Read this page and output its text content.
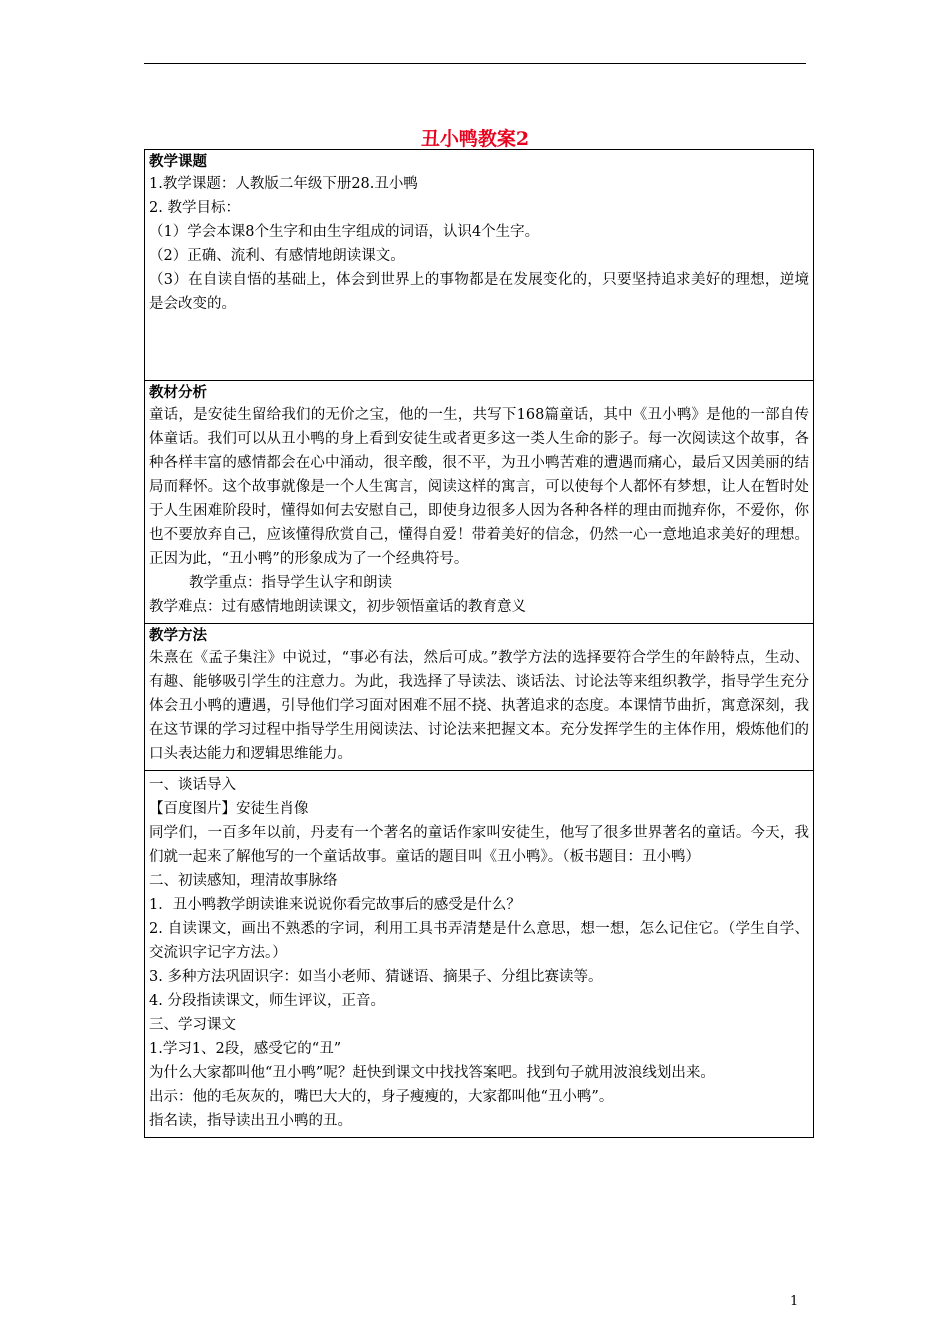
丑小鸭教案2
教学课题

1.教学课题：人教版二年级下册28.丑小鸭

2. 教学目标：

（1）学会本课8个生字和由生字组成的词语，认识4个生字。

（2）正确、流利、有感情地朗读课文。

（3）在自读自悟的基础上，体会到世界上的事物都是在发展变化的，只要坚持追求美好的理想，逆境是会改变的。

教材分析

童话，是安徒生留给我们的无价之宝，他的一生，共写下168篇童话，其中《丑小鸭》是他的一部自传体童话。我们可以从丑小鸭的身上看到安徒生或者更多这一类人生命的影子。每一次阅读这个故事，各种各样丰富的感情都会在心中涌动，很辛酸，很不平，为丑小鸭苦难的遭遇而痛心，最后又因美丽的结局而释怀。这个故事就像是一个人生寓言，阅读这样的寓言，可以使每个人都怀有梦想，让人在暂时处于人生困难阶段时，懂得如何去安慰自己，即使身边很多人因为各种各样的理由而抛弃你，不爱你，你也不要放弃自己，应该懂得欣赏自己，懂得自爱！带着美好的信念，仍然一心一意地追求美好的理想。正因为此，“丑小鸭”的形象成为了一个经典符号。

教学重点：指导学生认字和朗读

教学难点：过有感情地朗读课文，初步领悟童话的教育意义

教学方法

朱熹在《孟子集注》中说过，“事必有法，然后可成。”教学方法的选择要符合学生的年龄特点，生动、有趣、能够吸引学生的注意力。为此，我选择了导读法、谈话法、讨论法等来组织教学，指导学生充分体会丑小鸭的遭遇，引导他们学习面对困难不屈不挠、执著追求的态度。本课情节曲折，寓意深刻，我在这节课的学习过程中指导学生用阅读法、讨论法来把握文本。充分发挥学生的主体作用，煅炼他们的口头表达能力和逻辑思维能力。

一、谈话导入

【百度图片】安徒生肖像

同学们，一百多年以前，丹麦有一个著名的童话作家叫安徒生，他写了很多世界著名的童话。今天，我们就一起来了解他写的一个童话故事。童话的题目叫《丑小鸭》。（板书题目：丑小鸭）

二、初读感知，理清故事脉络

1．丑小鸭教学朗读谁来说说你看完故事后的感受是什么？

2. 自读课文，画出不熟悉的字词，利用工具书弄清楚是什么意思，想一想，怎么记住它。（学生自学、交流识字记字方法。）

3. 多种方法巩固识字：如当小老师、猜谜语、摘果子、分组比赛读等。

4. 分段指读课文，师生评议，正音。

三、学习课文

1.学习1、2段，感受它的“丑”

为什么大家都叫他“丑小鸭”呢？赶快到课文中找找答案吧。找到句子就用波浪线划出来。

出示：他的毛灰灰的，嘴巴大大的，身子瘦瘦的，大家都叫他“丑小鸭”。

指名读，指导读出丑小鸭的丑。

1
